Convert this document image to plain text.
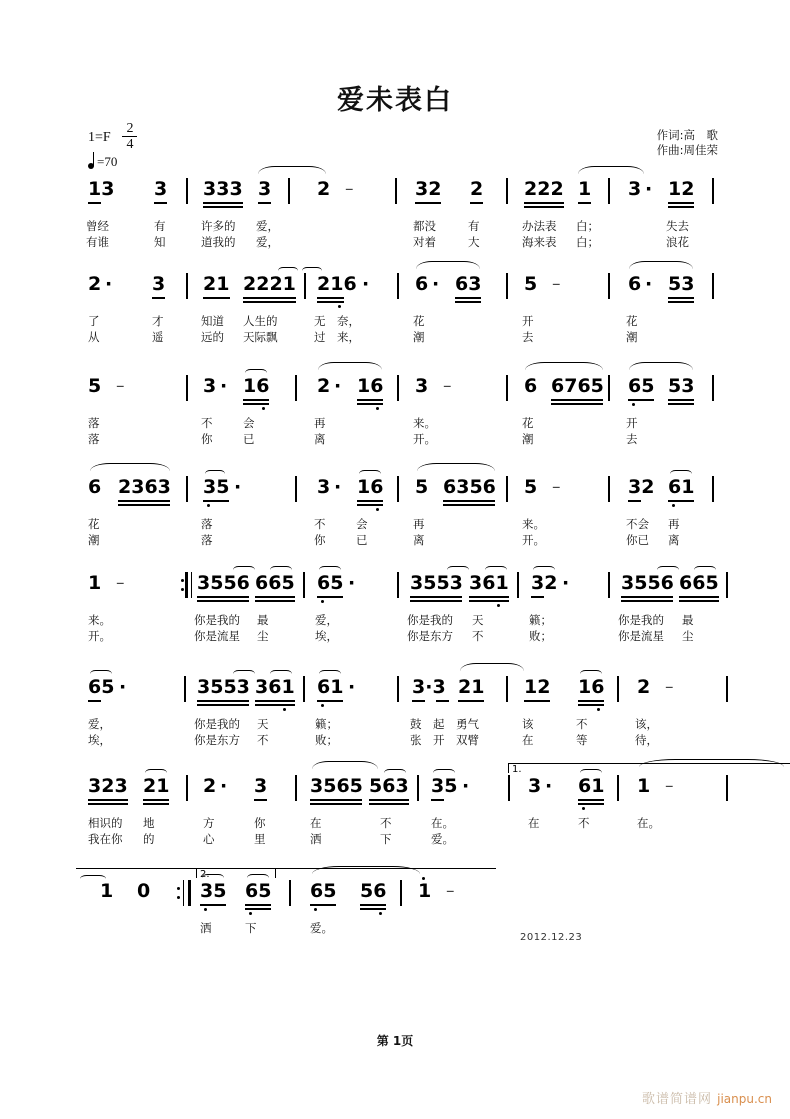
爱未表白
作词:高　歌
作曲:周佳荣
1=F
2
4
=70
13 3 333 3 2 –	32 2 222 1 3 · 12
曾经
有谁
有
知
许多的
道我的
爱，
爱，
都没
对着
有
大
办法表
海来表
白；
白；
失去
浪花
2 · 3 21 2221 216 · 6 · 63 5 –	6 · 53
了
从
才
遥
知道
远的
人生的
天际飘
无　奈，
过　来，
花
潮
开
去
花
潮
5 –	3 · 16	2 · 16 3 –	6 6765 65 53
落
落
不
你
会
已
再
离
来。
开。
花
潮
开
去
6 2363 35 ·	3 · 16 5 6356 5 –	32 61
花
潮
落
落
不
你
会
已
再
离
来。
开。
不会
你已
再
离
1 –	3556 665 65 ·	3553 361 32 ·	3556 665
来。
开。
你是我的
你是流星
最
尘
爱，
埃，
你是我的
你是东方
天
不
籁；
败；
你是我的
你是流星
最
尘
65 ·	3553 361 61 ·	3·3 21 12 16 2 –
爱，
埃，
你是我的
你是东方
天
不
籁；
败；
鼓　起
张　开
勇气
双臂
该
在
不
等
该，
待，
1.
323 21 2 · 3 3565 563 35 ·	3 · 61 1 –
相识的
我在你
地
的
方
心
你
里
在
洒
不
下
在。
爱。
在	不	在。
2.
1 0	35 65 65 56 1 –
洒	下	爱。
2012.12.23
第 1页
歌谱简谱网 jianpu.cn
